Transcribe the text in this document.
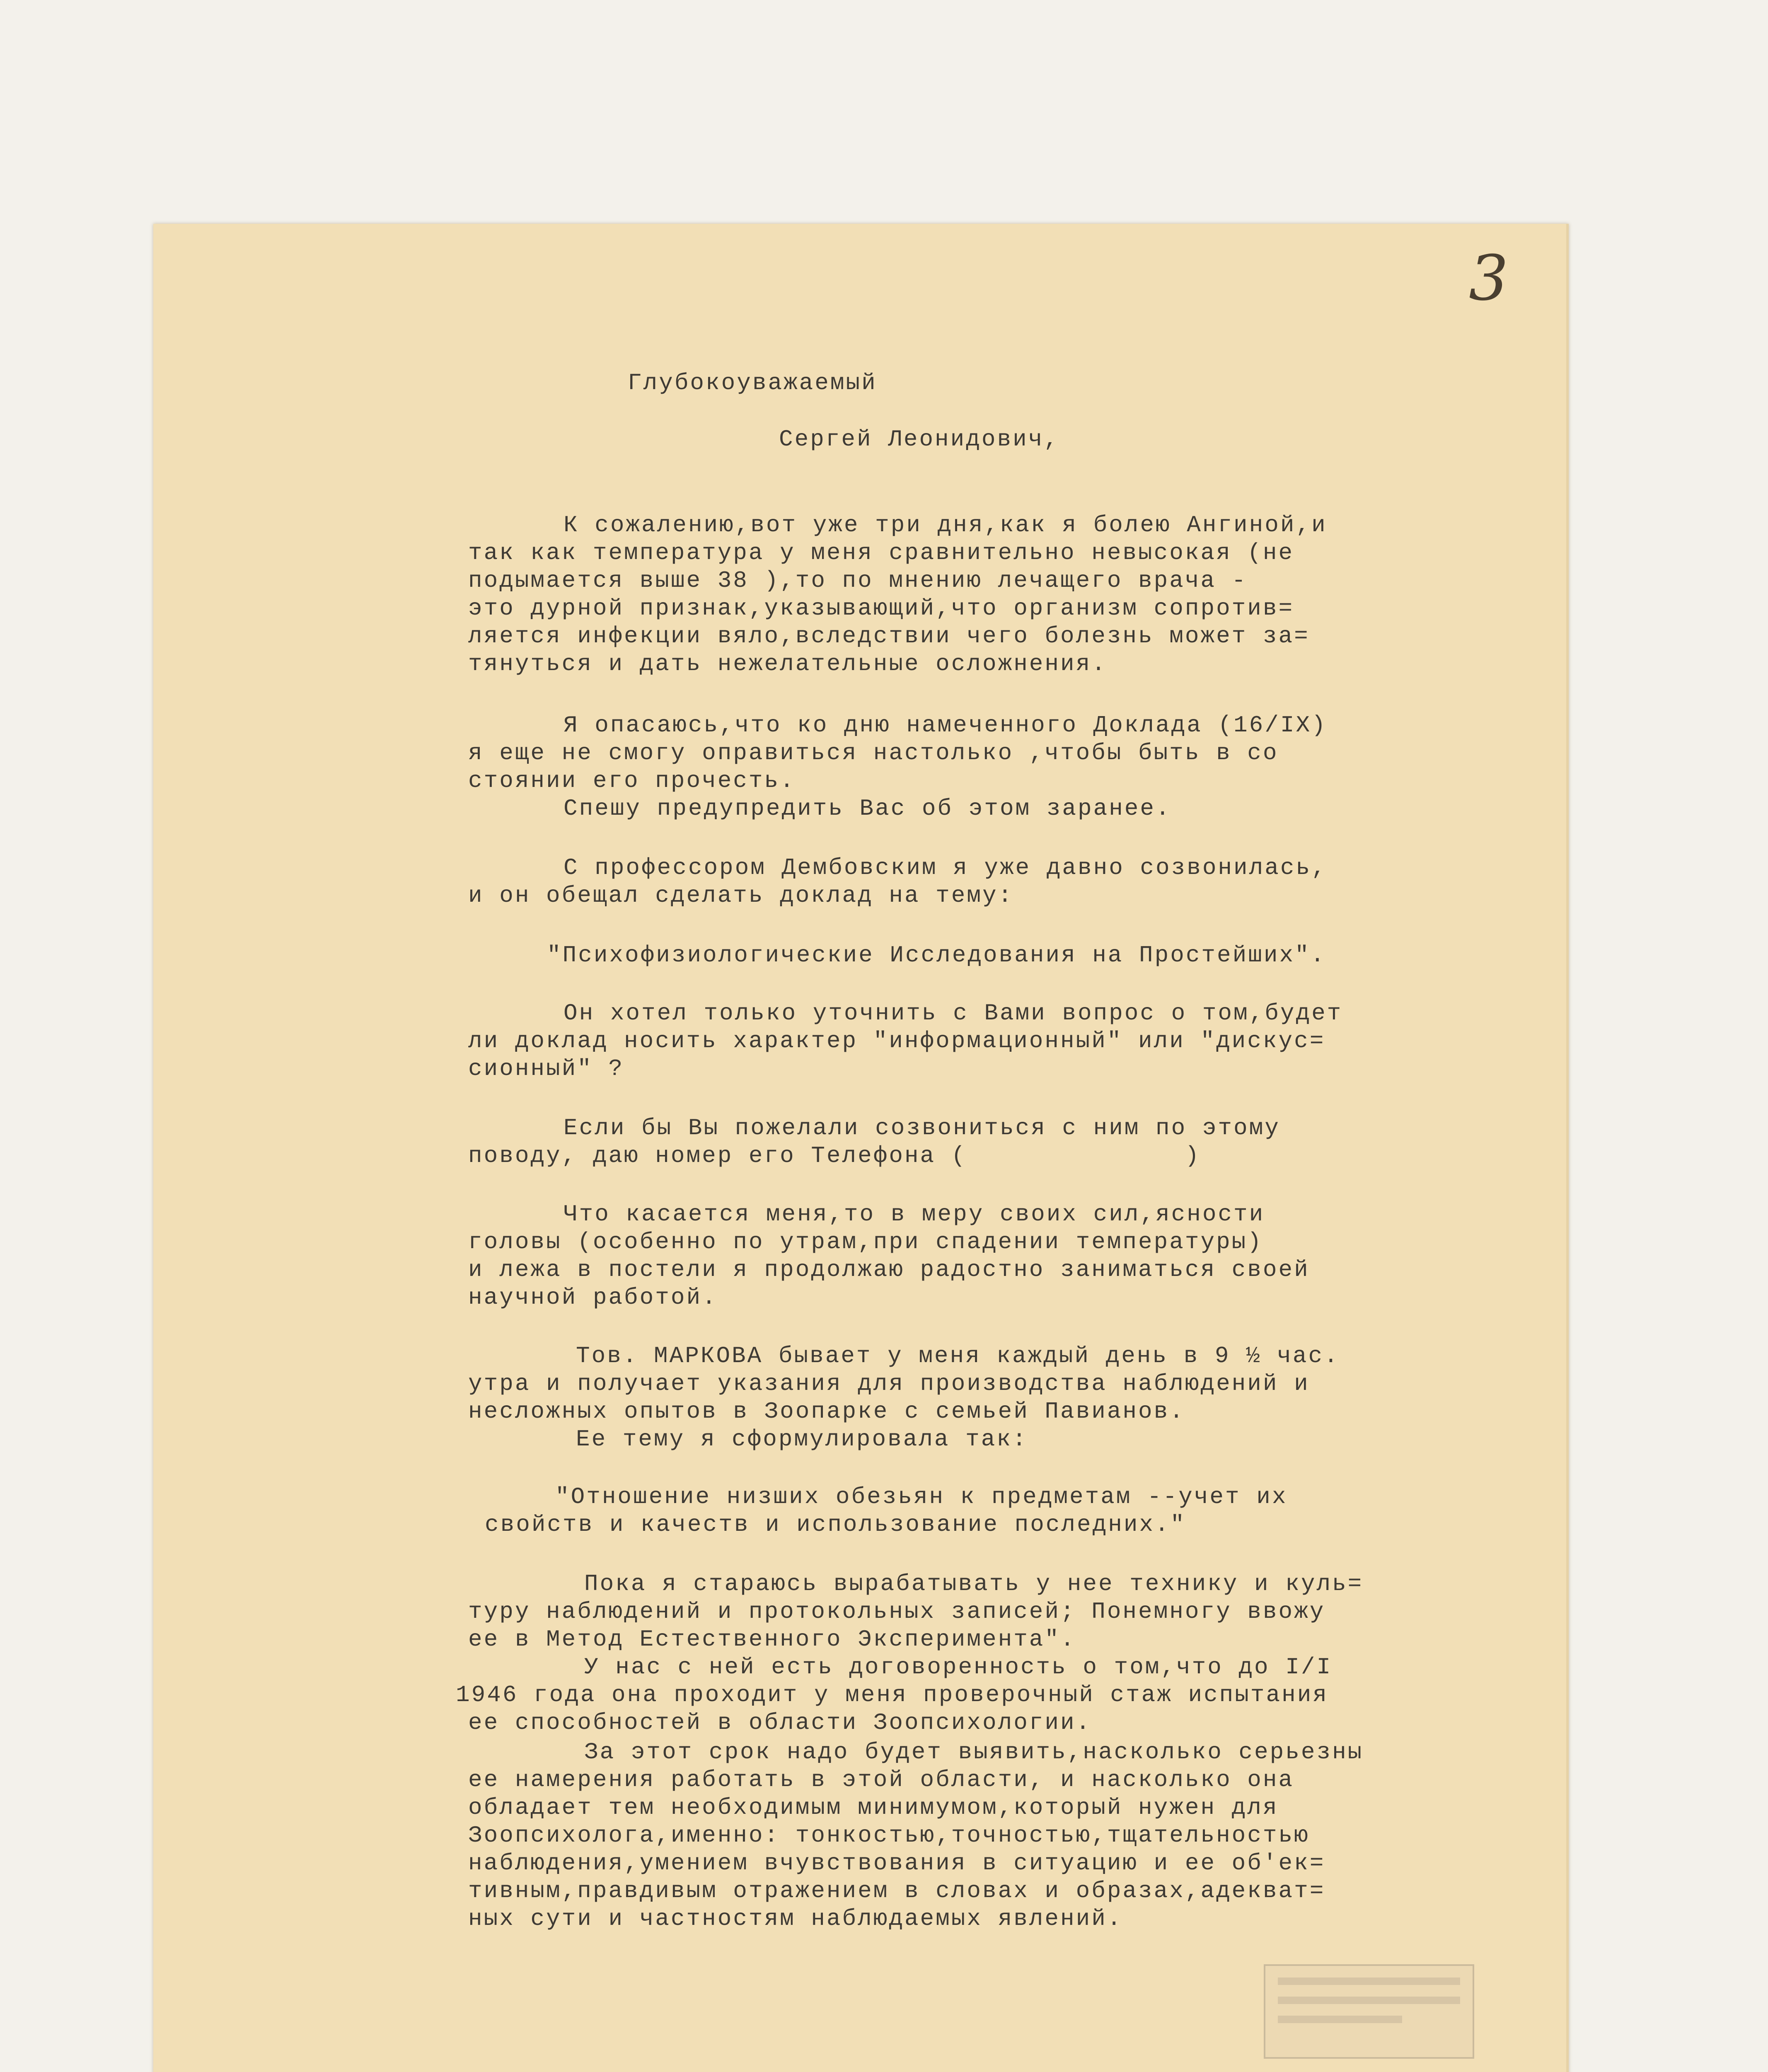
3
Глубокоуважаемый
Сергей Леонидович,
К сожалению,вот уже три дня,как я болею Ангиной,и
так как температура у меня сравнительно невысокая (не
подымается выше 38 ),то по мнению лечащего врача -
это дурной признак,указывающий,что организм сопротив=
ляется инфекции вяло,вследствии чего болезнь может за=
тянуться и дать нежелательные осложнения.
Я опасаюсь,что ко дню намеченного Доклада (16/IX)
я еще не смогу оправиться настолько ,чтобы быть в со
стоянии его прочесть.
Спешу предупредить Вас об этом заранее.
С профессором Дембовским я уже давно созвонилась,
и он обещал сделать доклад на тему:
"Психофизиологические Исследования на Простейших".
Он хотел только уточнить с Вами вопрос о том,будет
ли доклад носить характер "информационный" или "дискус=
сионный" ?
Если бы Вы пожелали созвониться с ним по этому
поводу, даю номер его Телефона (              )
Что касается меня,то в меру своих сил,ясности
головы (особенно по утрам,при спадении температуры)
и лежа в постели я продолжаю радостно заниматься своей
научной работой.
Тов. МАРКОВА бывает у меня каждый день в 9 ½ час.
утра и получает указания для производства наблюдений и
несложных опытов в Зоопарке с семьей Павианов.
Ее тему я сформулировала так:
"Отношение низших обезьян к предметам --учет их
свойств и качеств и использование последних."
Пока я стараюсь вырабатывать у нее технику и куль=
туру наблюдений и протокольных записей; Понемногу ввожу
ее в Метод Естественного Эксперимента".
У нас с ней есть договоренность о том,что до I/I
1946 года она проходит у меня проверочный стаж испытания
ее способностей в области Зоопсихологии.
За этот срок надо будет выявить,насколько серьезны
ее намерения работать в этой области, и насколько она
обладает тем необходимым минимумом,который нужен для
Зоопсихолога,именно: тонкостью,точностью,тщательностью
наблюдения,умением вчувствования в ситуацию и ее об'ек=
тивным,правдивым отражением в словах и образах,адекват=
ных сути и частностям наблюдаемых явлений.
